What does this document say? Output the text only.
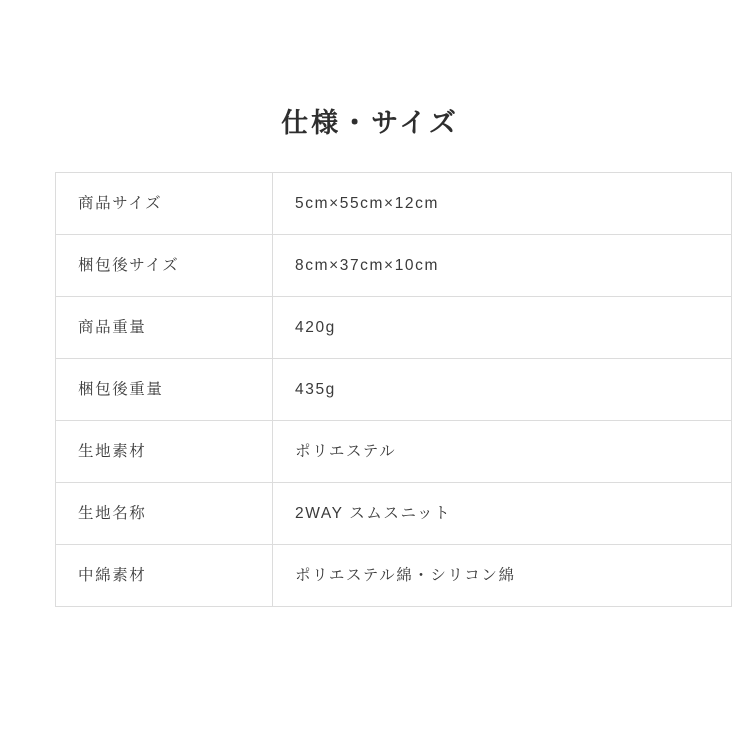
仕様・サイズ
商品サイズ	5cm×55cm×12cm
梱包後サイズ	8cm×37cm×10cm
商品重量	420g
梱包後重量	435g
生地素材	ポリエステル
生地名称	2WAY スムスニット
中綿素材	ポリエステル綿・シリコン綿
